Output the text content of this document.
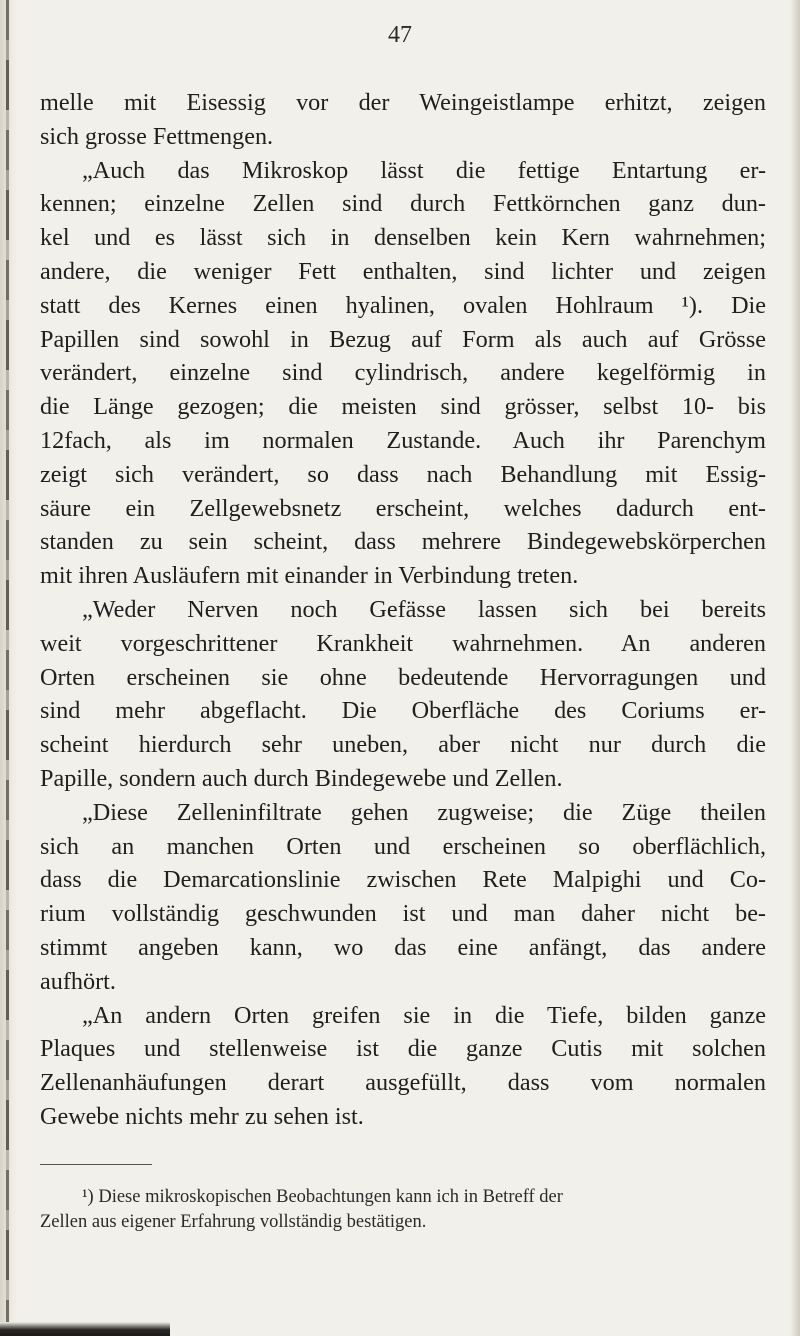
47
melle mit Eisessig vor der Weingeistlampe erhitzt, zeigen
sich grosse Fettmengen.
„Auch das Mikroskop lässt die fettige Entartung er-
kennen; einzelne Zellen sind durch Fettkörnchen ganz dun-
kel und es lässt sich in denselben kein Kern wahrnehmen;
andere, die weniger Fett enthalten, sind lichter und zeigen
statt des Kernes einen hyalinen, ovalen Hohlraum ¹). Die
Papillen sind sowohl in Bezug auf Form als auch auf Grösse
verändert, einzelne sind cylindrisch, andere kegelförmig in
die Länge gezogen; die meisten sind grösser, selbst 10- bis
12fach, als im normalen Zustande. Auch ihr Parenchym
zeigt sich verändert, so dass nach Behandlung mit Essig-
säure ein Zellgewebsnetz erscheint, welches dadurch ent-
standen zu sein scheint, dass mehrere Bindegewebskörperchen
mit ihren Ausläufern mit einander in Verbindung treten.
„Weder Nerven noch Gefässe lassen sich bei bereits
weit vorgeschrittener Krankheit wahrnehmen. An anderen
Orten erscheinen sie ohne bedeutende Hervorragungen und
sind mehr abgeflacht. Die Oberfläche des Coriums er-
scheint hierdurch sehr uneben, aber nicht nur durch die
Papille, sondern auch durch Bindegewebe und Zellen.
„Diese Zelleninfiltrate gehen zugweise; die Züge theilen
sich an manchen Orten und erscheinen so oberflächlich,
dass die Demarcationslinie zwischen Rete Malpighi und Co-
rium vollständig geschwunden ist und man daher nicht be-
stimmt angeben kann, wo das eine anfängt, das andere
aufhört.
„An andern Orten greifen sie in die Tiefe, bilden ganze
Plaques und stellenweise ist die ganze Cutis mit solchen
Zellenanhäufungen derart ausgefüllt, dass vom normalen
Gewebe nichts mehr zu sehen ist.
¹) Diese mikroskopischen Beobachtungen kann ich in Betreff der
Zellen aus eigener Erfahrung vollständig bestätigen.
